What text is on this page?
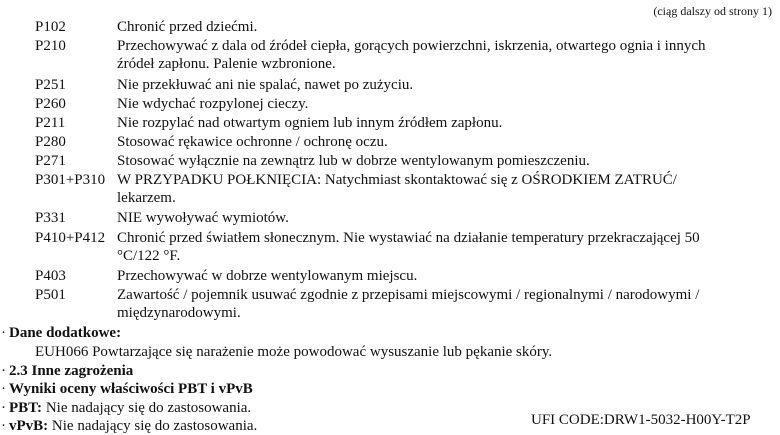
(ciąg dalszy od strony 1)
P102	Chronić przed dziećmi.
P210	Przechowywać z dala od źródeł ciepła, gorących powierzchni, iskrzenia, otwartego ognia i innych
źródeł zapłonu. Palenie wzbronione.
P251	Nie przekłuwać ani nie spalać, nawet po zużyciu.
P260	Nie wdychać rozpylonej cieczy.
P211	Nie rozpylać nad otwartym ogniem lub innym źródłem zapłonu.
P280	Stosować rękawice ochronne / ochronę oczu.
P271	Stosować wyłącznie na zewnątrz lub w dobrze wentylowanym pomieszczeniu.
P301+P310 W PRZYPADKU POŁKNIĘCIA: Natychmiast skontaktować się z OŚRODKIEM ZATRUĆ/
lekarzem.
P331	NIE wywoływać wymiotów.
P410+P412 Chronić przed światłem słonecznym. Nie wystawiać na działanie temperatury przekraczającej 50
°C/122 °F.
P403	Przechowywać w dobrze wentylowanym miejscu.
P501	Zawartość / pojemnik usuwać zgodnie z przepisami miejscowymi / regionalnymi / narodowymi /
międzynarodowymi.
· Dane dodatkowe:
EUH066 Powtarzające się narażenie może powodować wysuszanie lub pękanie skóry.
· 2.3 Inne zagrożenia
· Wyniki oceny właściwości PBT i vPvB
· PBT: Nie nadający się do zastosowania.
· vPvB: Nie nadający się do zastosowania.	UFI CODE:DRW1-5032-H00Y-T2P
